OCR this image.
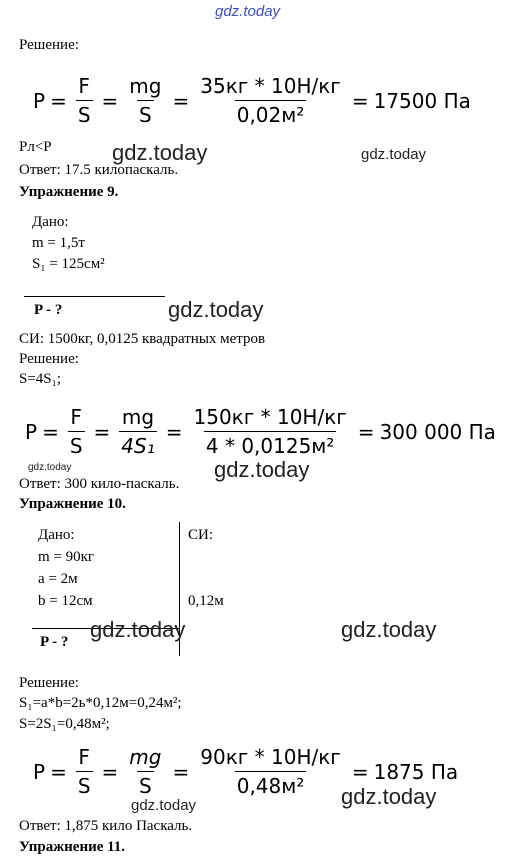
gdz.today
Решение:
$P = \frac{F}{S} = \frac{mg}{S} = \frac{35кг * 10Н/кг}{\text{0,02м²}} = 17500$ Па
Pл<P	gdz.today	gdz.today
Ответ: 17.5 килопаскаль.
Упражнение 9.
Дано:
m = 1,5т
S₁ = 125см²
P - ?	gdz.today
СИ: 1500кг, 0,0125 квадратных метров
Решение:
S=4S₁;
$P = \frac{F}{S} = \frac{mg}{\text{4S₁}} = \frac{150кг * 10Н/кг}{\text{4 * 0,0125м²}} = 300$ 000 Па
gdz.today	gdz.today
Ответ: 300 кило-паскаль.
Упражнение 10.
Дано:	СИ:
m = 90кг
a = 2м
b = 12см	0,12м
P - ? gdz.today	gdz.today
Решение:
S₁=a*b=2ь*0,12м=0,24м²;
S=2S₁=0,48м²;
$P = \frac{F}{S} = \frac{mg}{S} = \frac{90кг * 10Н/кг}{\text{0,48м²}} = 1875$ Па
gdz.today	gdz.today
Ответ: 1,875 кило Паскаль.
Упражнение 11.
